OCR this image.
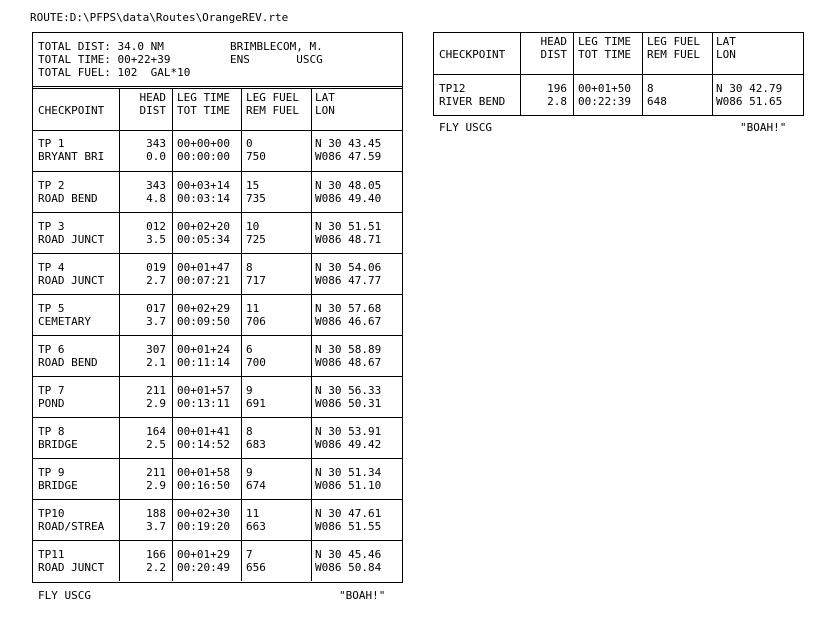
ROUTE:D:\PFPS\data\Routes\OrangeREV.rte
TOTAL DIST: 34.0 NM          BRIMBLECOM, M.
TOTAL TIME: 00+22+39         ENS       USCG
TOTAL FUEL: 102  GAL*10
CHECKPOINT
HEAD
DIST
LEG TIME
TOT TIME
LEG FUEL
REM FUEL
LAT
LON
TP 1
BRYANT BRI
343
0.0
00+00+00
00:00:00
0
750
N 30 43.45
W086 47.59
TP 2
ROAD BEND
343
4.8
00+03+14
00:03:14
15
735
N 30 48.05
W086 49.40
TP 3
ROAD JUNCT
012
3.5
00+02+20
00:05:34
10
725
N 30 51.51
W086 48.71
TP 4
ROAD JUNCT
019
2.7
00+01+47
00:07:21
8
717
N 30 54.06
W086 47.77
TP 5
CEMETARY
017
3.7
00+02+29
00:09:50
11
706
N 30 57.68
W086 46.67
TP 6
ROAD BEND
307
2.1
00+01+24
00:11:14
6
700
N 30 58.89
W086 48.67
TP 7
POND
211
2.9
00+01+57
00:13:11
9
691
N 30 56.33
W086 50.31
TP 8
BRIDGE
164
2.5
00+01+41
00:14:52
8
683
N 30 53.91
W086 49.42
TP 9
BRIDGE
211
2.9
00+01+58
00:16:50
9
674
N 30 51.34
W086 51.10
TP10
ROAD/STREA
188
3.7
00+02+30
00:19:20
11
663
N 30 47.61
W086 51.55
TP11
ROAD JUNCT
166
2.2
00+01+29
00:20:49
7
656
N 30 45.46
W086 50.84
FLY USCG	"BOAH!"
CHECKPOINT
HEAD
DIST
LEG TIME
TOT TIME
LEG FUEL
REM FUEL
LAT
LON
TP12
RIVER BEND
196
2.8
00+01+50
00:22:39
8
648
N 30 42.79
W086 51.65
FLY USCG	"BOAH!"
